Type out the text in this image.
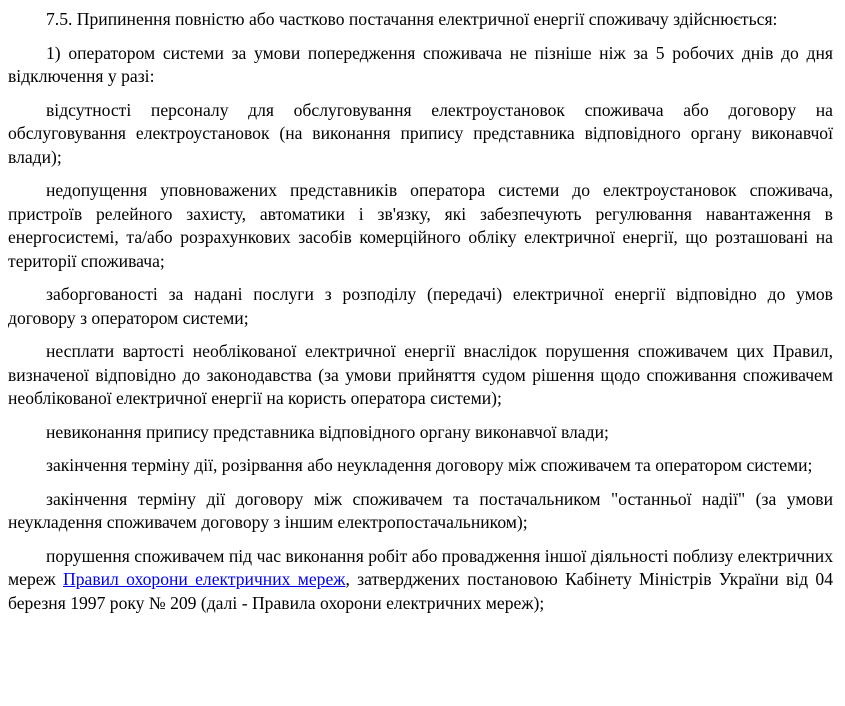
7.5. Припинення повністю або частково постачання електричної енергії споживачу здійснюється:

1) оператором системи за умови попередження споживача не пізніше ніж за 5 робочих днів до дня відключення у разі:

відсутності персоналу для обслуговування електроустановок споживача або договору на обслуговування електроустановок (на виконання припису представника відповідного органу виконавчої влади);

недопущення уповноважених представників оператора системи до електроустановок споживача, пристроїв релейного захисту, автоматики і зв'язку, які забезпечують регулювання навантаження в енергосистемі, та/або розрахункових засобів комерційного обліку електричної енергії, що розташовані на території споживача;

заборгованості за надані послуги з розподілу (передачі) електричної енергії відповідно до умов договору з оператором системи;

несплати вартості необлікованої електричної енергії внаслідок порушення споживачем цих Правил, визначеної відповідно до законодавства (за умови прийняття судом рішення щодо споживання споживачем необлікованої електричної енергії на користь оператора системи);

невиконання припису представника відповідного органу виконавчої влади;

закінчення терміну дії, розірвання або неукладення договору між споживачем та оператором системи;

закінчення терміну дії договору між споживачем та постачальником "останньої надії" (за умови неукладення споживачем договору з іншим електропостачальником);

порушення споживачем під час виконання робіт або провадження іншої діяльності поблизу електричних мереж Правил охорони електричних мереж, затверджених постановою Кабінету Міністрів України від 04 березня 1997 року № 209 (далі - Правила охорони електричних мереж);
